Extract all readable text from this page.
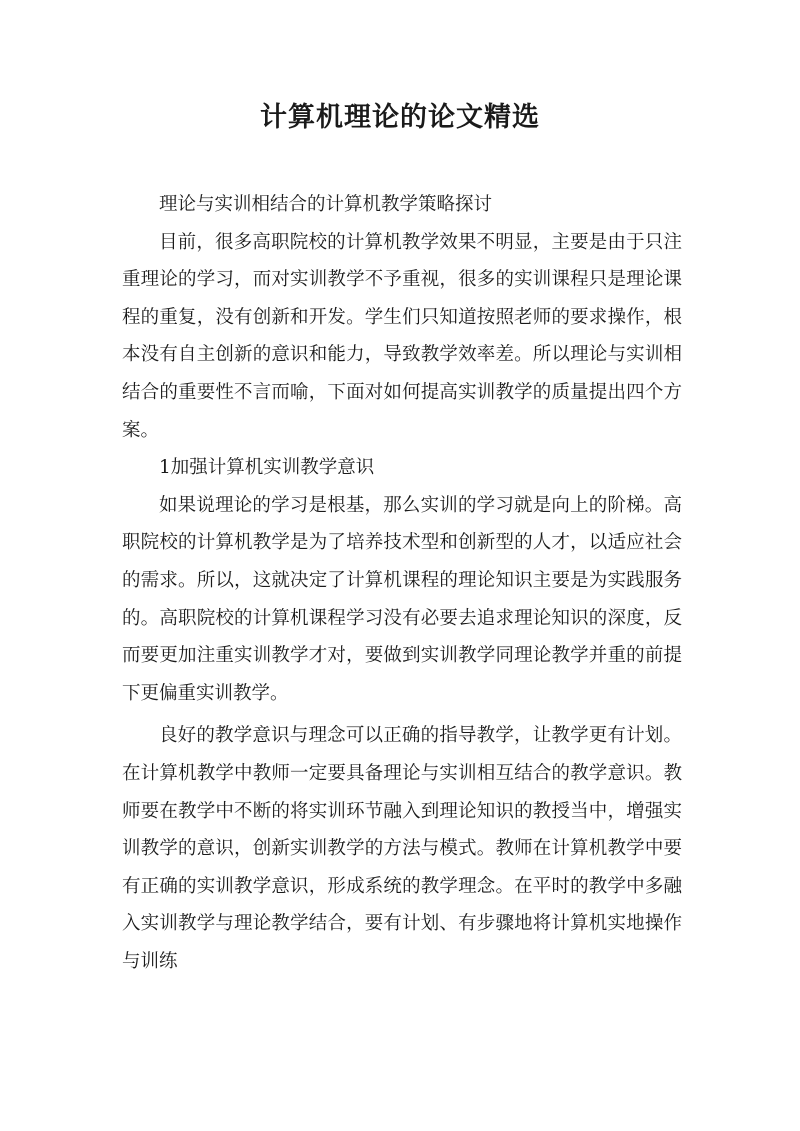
计算机理论的论文精选

理论与实训相结合的计算机教学策略探讨

目前，很多高职院校的计算机教学效果不明显，主要是由于只注重理论的学习，而对实训教学不予重视，很多的实训课程只是理论课程的重复，没有创新和开发。学生们只知道按照老师的要求操作，根本没有自主创新的意识和能力，导致教学效率差。所以理论与实训相结合的重要性不言而喻，下面对如何提高实训教学的质量提出四个方案。

1加强计算机实训教学意识

如果说理论的学习是根基，那么实训的学习就是向上的阶梯。高职院校的计算机教学是为了培养技术型和创新型的人才，以适应社会的需求。所以，这就决定了计算机课程的理论知识主要是为实践服务的。高职院校的计算机课程学习没有必要去追求理论知识的深度，反而要更加注重实训教学才对，要做到实训教学同理论教学并重的前提下更偏重实训教学。

良好的教学意识与理念可以正确的指导教学，让教学更有计划。在计算机教学中教师一定要具备理论与实训相互结合的教学意识。教师要在教学中不断的将实训环节融入到理论知识的教授当中，增强实训教学的意识，创新实训教学的方法与模式。教师在计算机教学中要有正确的实训教学意识，形成系统的教学理念。在平时的教学中多融入实训教学与理论教学结合，要有计划、有步骤地将计算机实地操作与训练
